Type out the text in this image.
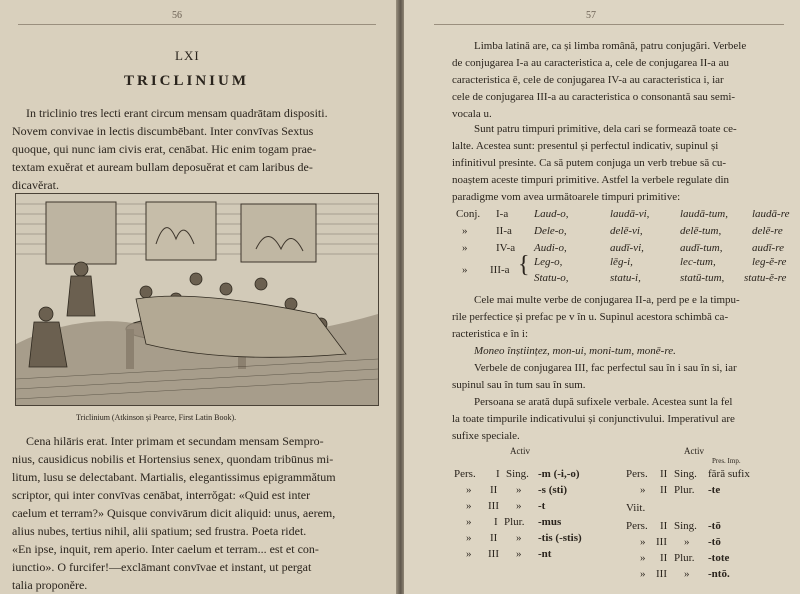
56
LXI
TRICLINIUM
In triclinio tres lecti erant circum mensam quadrātam dispositi.
Novem convivae in lectis discumbēbant. Inter convīvas Sextus
quoque, qui nunc iam civis erat, cenābat. Hic enim togam prae-
textam exuĕrat et auream bullam deposuĕrat et cam laribus de-
dicavĕrat.
Triclinium (Atkinson și Pearce, First Latin Book).
Cena hilāris erat. Inter primam et secundam mensam Sempro-
nius, causidicus nobilis et Hortensius senex, quondam tribūnus mi-
litum, lusu se delectabant. Martialis, elegantissimus epigrammătum
scriptor, qui inter convīvas cenābat, interrŏgat: «Quid est inter
caelum et terram?» Quisque convivārum dicit aliquid: unus, aerem,
alius nubes, tertius nihil, alii spatium; sed frustra. Poeta ridet.
«En ipse, inquit, rem aperio. Inter caelum et terram... est et con-
iunctio». O furcifer!—exclāmant convīvae et instant, ut pergat
talia proponĕre.
57
Limba latină are, ca și limba română, patru conjugări. Verbele
de conjugarea I-a au caracteristica a, cele de conjugarea II-a au
caracteristica ē, cele de conjugarea IV-a au caracteristica i, iar
cele de conjugarea III-a au caracteristica o consonantă sau semi-
vocala u.
Sunt patru timpuri primitive, dela cari se formează toate ce-
lalte. Acestea sunt: presentul și perfectul indicativ, supinul și
infinitivul presinte. Ca să putem conjuga un verb trebue să cu-
noaștem aceste timpuri primitive. Astfel la verbele regulate din
paradigme vom avea următoarele timpuri primitive:
Conj. I-a Laud-o,	laudā-vi,	laudā-tum, laudā-re
»	II-a Dele-o,	delē-vi,	delē-tum,	delē-re
»	IV-a Audi-o,	audī-vi,	audī-tum,	audī-re
» III-a { Leg-o,	lēg-i,	lec-tum,	leg-ĕ-re
Statu-o,	statu-i,	statū-tum, statu-ĕ-re
Cele mai multe verbe de conjugarea II-a, perd pe e la timpu-
rile perfectice și prefac pe v în u. Supinul acestora schimbă ca-
racteristica e în i:
Moneo înștiințez, mon-ui, moni-tum, monē-re.
Verbele de conjugarea III, fac perfectul sau în i sau în si, iar
supinul sau în tum sau în sum.
Persoana se arată după sufixele verbale. Acestea sunt la fel
la toate timpurile indicativului și conjunctivului. Imperativul are
sufixe speciale.
Activ	Activ
Pres. Imp.
Pers. I Sing. -m (-i,-o)
» II » -s (sti)
» III » -t
» I Plur. -mus
» II » -tis (-stis)
» III » -nt
Pers. II Sing. fără sufix
» II Plur. -te
Viit.
Pers. II Sing. -tō
» III » -tō
» II Plur. -tote
» III » -ntō.
